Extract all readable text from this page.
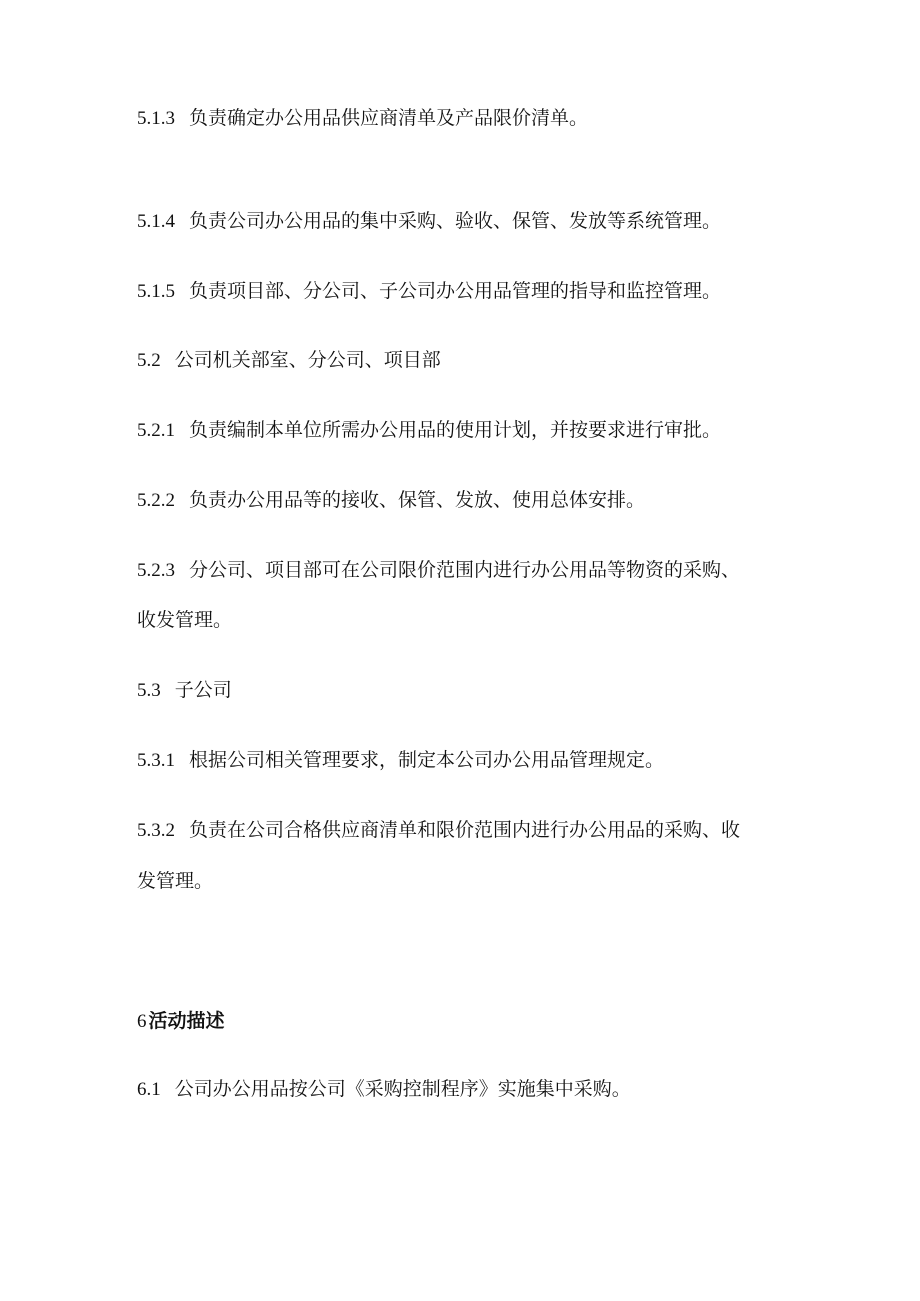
5.1.3 负责确定办公用品供应商清单及产品限价清单。
5.1.4 负责公司办公用品的集中采购、验收、保管、发放等系统管理。
5.1.5 负责项目部、分公司、子公司办公用品管理的指导和监控管理。
5.2 公司机关部室、分公司、项目部
5.2.1 负责编制本单位所需办公用品的使用计划，并按要求进行审批。
5.2.2 负责办公用品等的接收、保管、发放、使用总体安排。
5.2.3 分公司、项目部可在公司限价范围内进行办公用品等物资的采购、
收发管理。
5.3 子公司
5.3.1 根据公司相关管理要求，制定本公司办公用品管理规定。
5.3.2 负责在公司合格供应商清单和限价范围内进行办公用品的采购、收
发管理。
6 活动描述
6.1 公司办公用品按公司《采购控制程序》实施集中采购。
